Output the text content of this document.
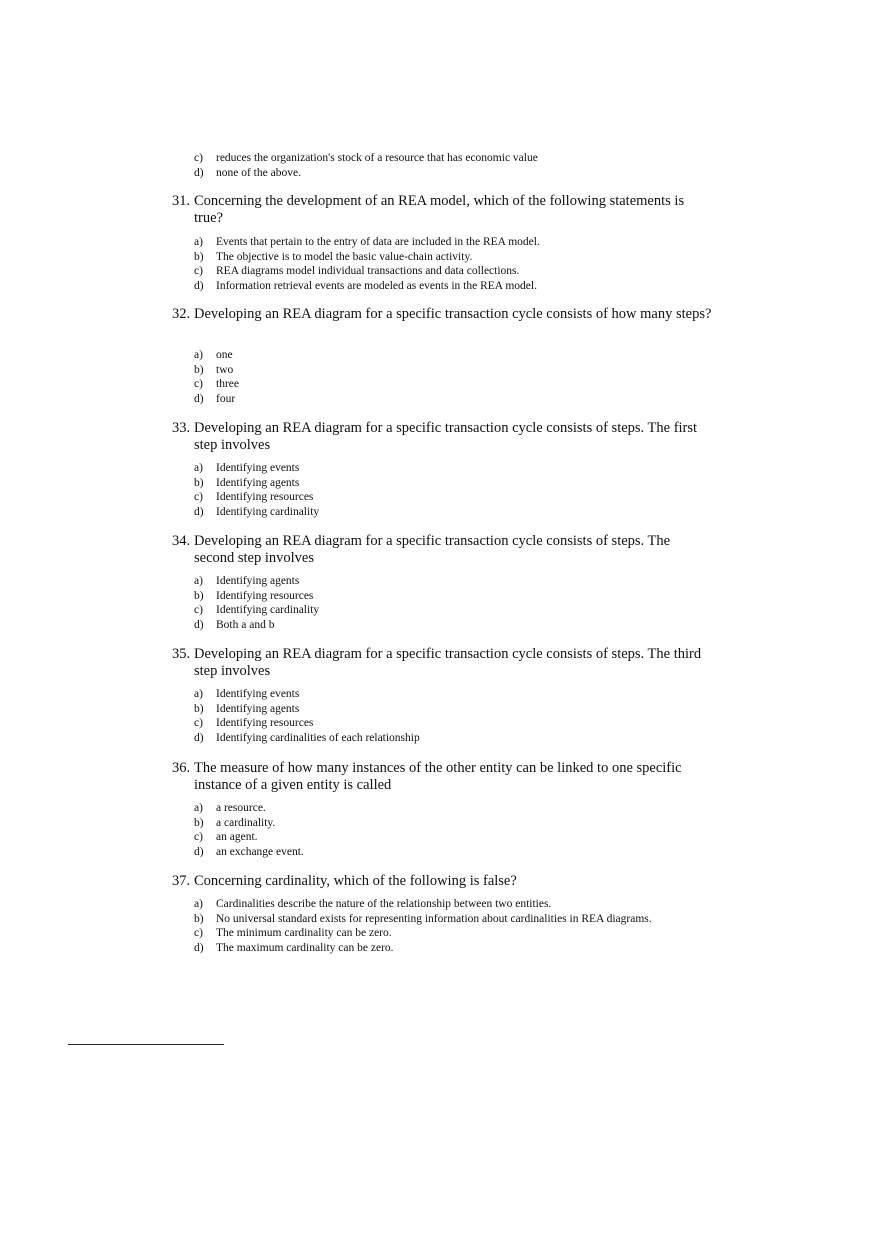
c)	reduces the organization's stock of a resource that has economic value
d)	none of the above.
31. Concerning the development of an REA model, which of the following statements is true?
a)	Events that pertain to the entry of data are included in the REA model.
b)	The objective is to model the basic value-chain activity.
c)	REA diagrams model individual transactions and data collections.
d)	Information retrieval events are modeled as events in the REA model.
32. Developing an REA diagram for a specific transaction cycle consists of how many steps?
a)	one
b)	two
c)	three
d)	four
33. Developing an REA diagram for a specific transaction cycle consists of steps. The first step involves
a)	Identifying events
b)	Identifying agents
c)	Identifying resources
d)	Identifying cardinality
34. Developing an REA diagram for a specific transaction cycle consists of steps. The second step involves
a)	Identifying agents
b)	Identifying resources
c)	Identifying cardinality
d)	Both a and b
35. Developing an REA diagram for a specific transaction cycle consists of steps. The third step involves
a)	Identifying events
b)	Identifying agents
c)	Identifying resources
d)	Identifying cardinalities of each relationship
36. The measure of how many instances of the other entity can be linked to one specific instance of a given entity is called
a)	a resource.
b)	a cardinality.
c)	an agent.
d)	an exchange event.
37. Concerning cardinality, which of the following is false?
a)	Cardinalities describe the nature of the relationship between two entities.
b)	No universal standard exists for representing information about cardinalities in REA diagrams.
c)	The minimum cardinality can be zero.
d)	The maximum cardinality can be zero.
